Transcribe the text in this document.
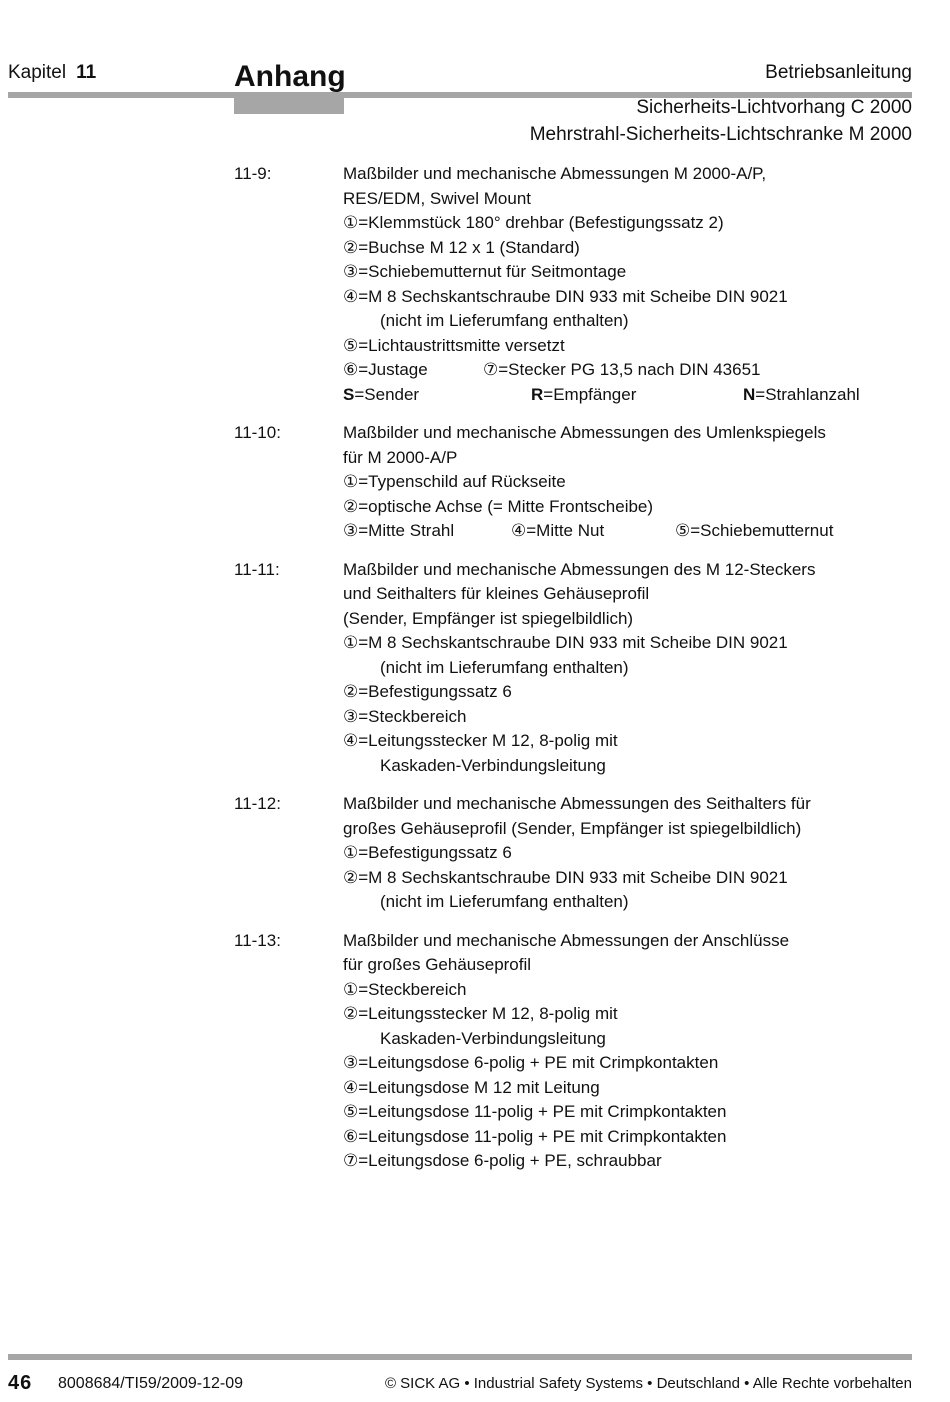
Kapitel 11	Anhang	Betriebsanleitung
Sicherheits-Lichtvorhang C 2000
Mehrstrahl-Sicherheits-Lichtschranke M 2000
11-9:	Maßbilder und mechanische Abmessungen M 2000-A/P,
RES/EDM, Swivel Mount
①=Klemmstück 180° drehbar (Befestigungssatz 2)
②=Buchse M 12 x 1 (Standard)
③=Schiebemutternut für Seitmontage
④=M 8 Sechskantschraube DIN 933 mit Scheibe DIN 9021
(nicht im Lieferumfang enthalten)
⑤=Lichtaustrittsmitte versetzt
⑥=Justage	⑦=Stecker PG 13,5 nach DIN 43651
S=Sender	R=Empfänger	N=Strahlanzahl
11-10:	Maßbilder und mechanische Abmessungen des Umlenkspiegels
für M 2000-A/P
①=Typenschild auf Rückseite
②=optische Achse (= Mitte Frontscheibe)
③=Mitte Strahl	④=Mitte Nut	⑤=Schiebemutternut
11-11:	Maßbilder und mechanische Abmessungen des M 12-Steckers
und Seithalters für kleines Gehäuseprofil
(Sender, Empfänger ist spiegelbildlich)
①=M 8 Sechskantschraube DIN 933 mit Scheibe DIN 9021
(nicht im Lieferumfang enthalten)
②=Befestigungssatz 6
③=Steckbereich
④=Leitungsstecker M 12, 8-polig mit
Kaskaden-Verbindungsleitung
11-12:	Maßbilder und mechanische Abmessungen des Seithalters für
großes Gehäuseprofil (Sender, Empfänger ist spiegelbildlich)
①=Befestigungssatz 6
②=M 8 Sechskantschraube DIN 933 mit Scheibe DIN 9021
(nicht im Lieferumfang enthalten)
11-13:	Maßbilder und mechanische Abmessungen der Anschlüsse
für großes Gehäuseprofil
①=Steckbereich
②=Leitungsstecker M 12, 8-polig mit
Kaskaden-Verbindungsleitung
③=Leitungsdose 6-polig + PE mit Crimpkontakten
④=Leitungsdose M 12 mit Leitung
⑤=Leitungsdose 11-polig + PE mit Crimpkontakten
⑥=Leitungsdose 11-polig + PE mit Crimpkontakten
⑦=Leitungsdose 6-polig + PE, schraubbar
46 8008684/TI59/2009-12-09	© SICK AG • Industrial Safety Systems • Deutschland • Alle Rechte vorbehalten
